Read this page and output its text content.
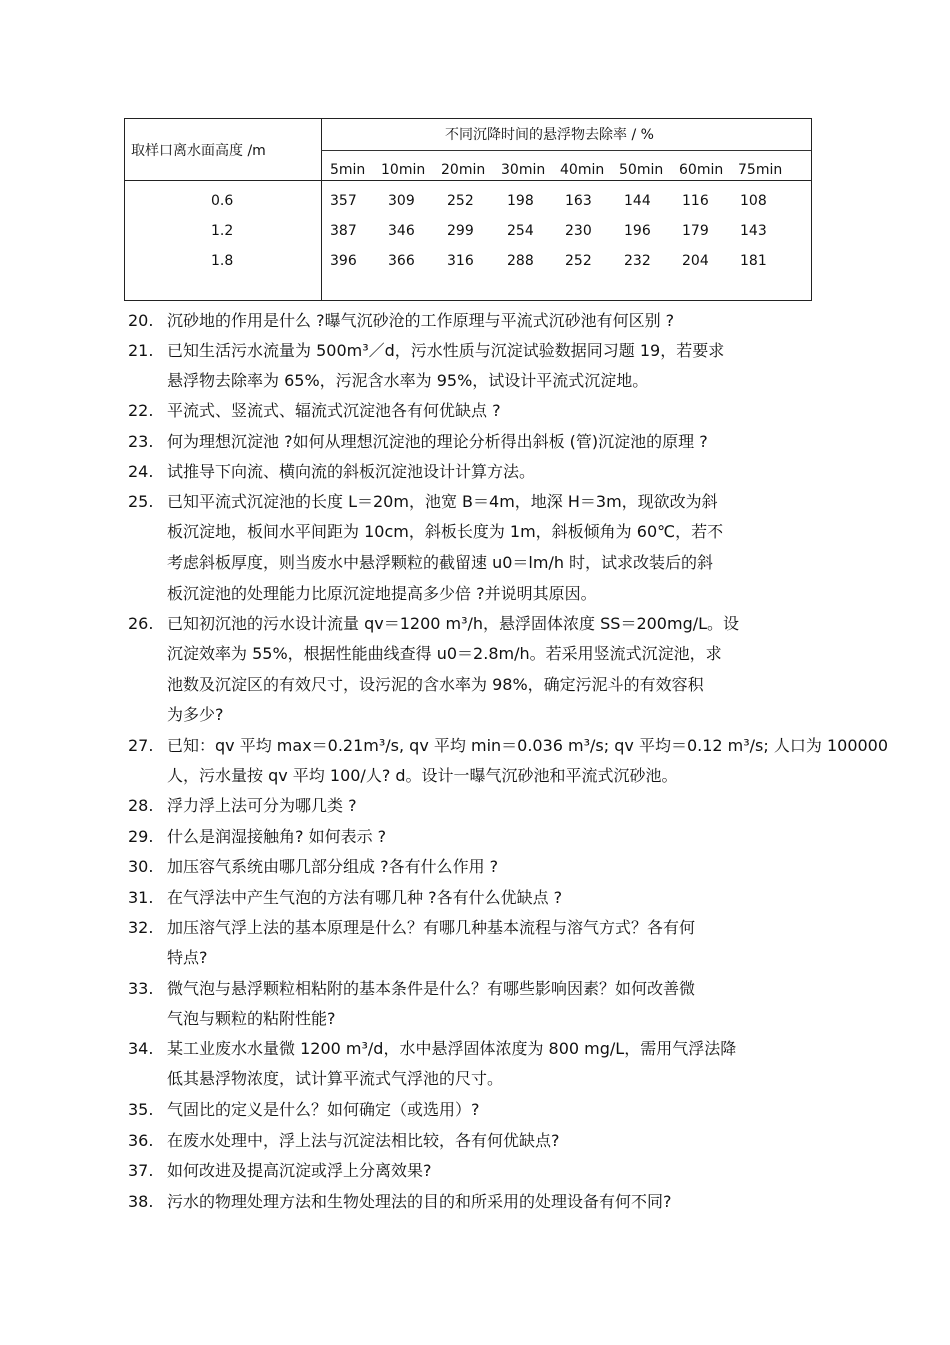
取样口离水面高度 /m
不同沉降时间的悬浮物去除率 / %
5min 10min 20min 30min 40min 50min 60min 75min
0.6	357 309 252 198 163 144 116 108
1.2	387 346 299 254 230 196 179 143
1.8	396 366 316 288 252 232 204 181
20. 沉砂地的作用是什么 ?曝气沉砂沧的工作原理与平流式沉砂池有何区别 ?
21. 已知生活污水流量为 500m³／d，污水性质与沉淀试验数据同习题 19，若要求
悬浮物去除率为 65%，污泥含水率为 95%，试设计平流式沉淀地。
22. 平流式、竖流式、辐流式沉淀池各有何优缺点 ?
23. 何为理想沉淀池 ?如何从理想沉淀池的理论分析得出斜板 (管)沉淀池的原理 ?
24. 试推导下向流、横向流的斜板沉淀池设计计算方法。
25. 已知平流式沉淀池的长度 L＝20m，池宽 B＝4m，地深 H＝3m，现欲改为斜
板沉淀地，板间水平间距为 10cm，斜板长度为 1m，斜板倾角为 60℃，若不
考虑斜板厚度，则当废水中悬浮颗粒的截留速 u0＝lm/h 时，试求改装后的斜
板沉淀池的处理能力比原沉淀地提高多少倍 ?并说明其原因。
26. 已知初沉池的污水设计流量 qv＝1200 m³/h，悬浮固体浓度 SS＝200mg/L。设
沉淀效率为 55%，根据性能曲线查得 u0＝2.8m/h。若采用竖流式沉淀池，求
池数及沉淀区的有效尺寸，设污泥的含水率为 98%，确定污泥斗的有效容积
为多少?
27. 已知：qv 平均 max＝0.21m³/s, qv 平均 min＝0.036 m³/s; qv 平均＝0.12 m³/s; 人口为 100000
人，污水量按 qv 平均 100/人? d。设计一曝气沉砂池和平流式沉砂池。
28. 浮力浮上法可分为哪几类 ?
29. 什么是润湿接触角? 如何表示 ?
30. 加压容气系统由哪几部分组成 ?各有什么作用 ?
31. 在气浮法中产生气泡的方法有哪几种 ?各有什么优缺点 ?
32. 加压溶气浮上法的基本原理是什么？有哪几种基本流程与溶气方式？各有何
特点?
33. 微气泡与悬浮颗粒相粘附的基本条件是什么？有哪些影响因素？如何改善微
气泡与颗粒的粘附性能?
34. 某工业废水水量微 1200 m³/d，水中悬浮固体浓度为 800 mg/L，需用气浮法降
低其悬浮物浓度，试计算平流式气浮池的尺寸。
35. 气固比的定义是什么？如何确定（或选用）?
36. 在废水处理中，浮上法与沉淀法相比较，各有何优缺点?
37. 如何改进及提高沉淀或浮上分离效果?
38. 污水的物理处理方法和生物处理法的目的和所采用的处理设备有何不同?
